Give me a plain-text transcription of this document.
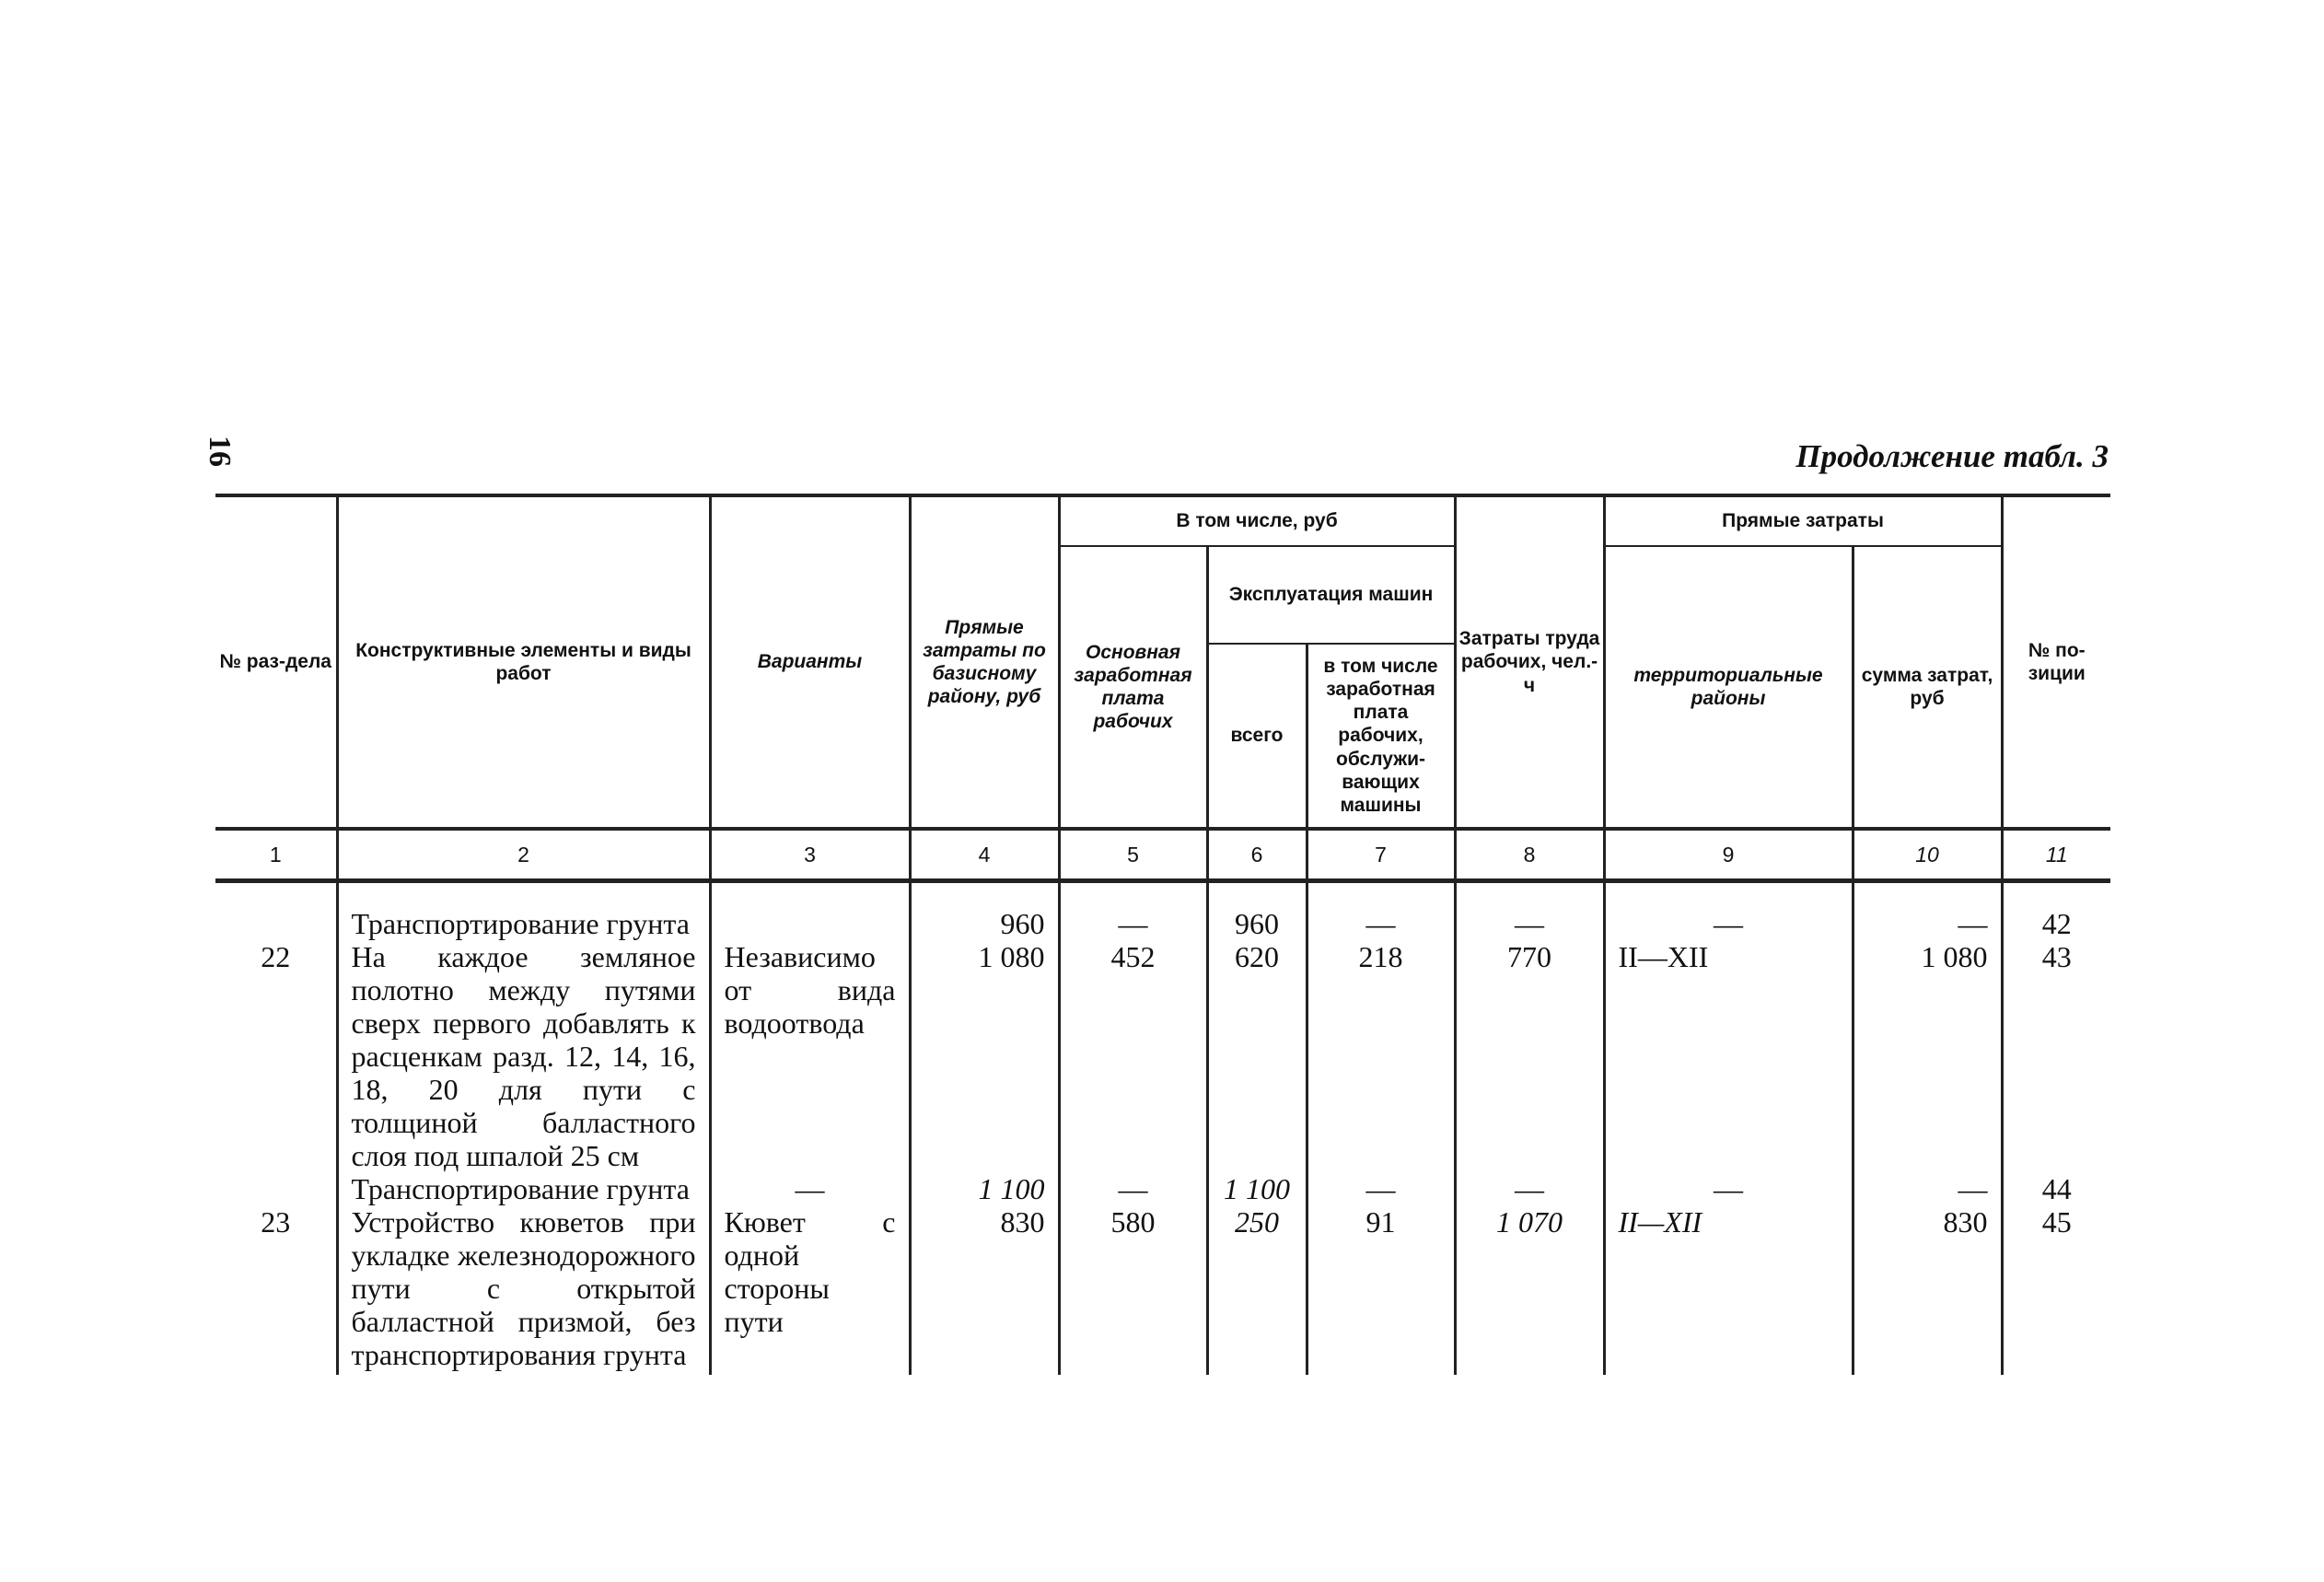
16	Продолжение табл. 3
№ раз-дела	Конструктивные элементы и виды работ	Варианты	Прямые затраты по базисному району, руб	В том числе, руб			Затраты труда рабочих, чел.-ч	Прямые затраты		№ по-зиции
				Основная заработная плата рабочих	Эксплуатация машин			территориальные районы	сумма затрат, руб	
					всего	в том числе заработная плата рабочих, обслужи-вающих машины				
1	2	3	4	5	6	7	8	9	10	11

	Транспортирование грунта		960	—	960	—	—	—	—	42
22	На каждое земляное полотно между путями сверх первого добавлять к расценкам разд. 12, 14, 16, 18, 20 для пути с толщиной балластного слоя под шпалой 25 см	Независимо от вида водоотвода	1 080	452	620	218	770	II—XII	1 080	43
	Транспортирование грунта	—	1 100	—	1 100	—	—	—	—	44
23	Устройство кюветов при укладке железнодорожного пути с открытой балластной призмой, без транспортирования грунта	Кювет с одной стороны пути	830	580	250	91	1 070	II—XII	830	45
